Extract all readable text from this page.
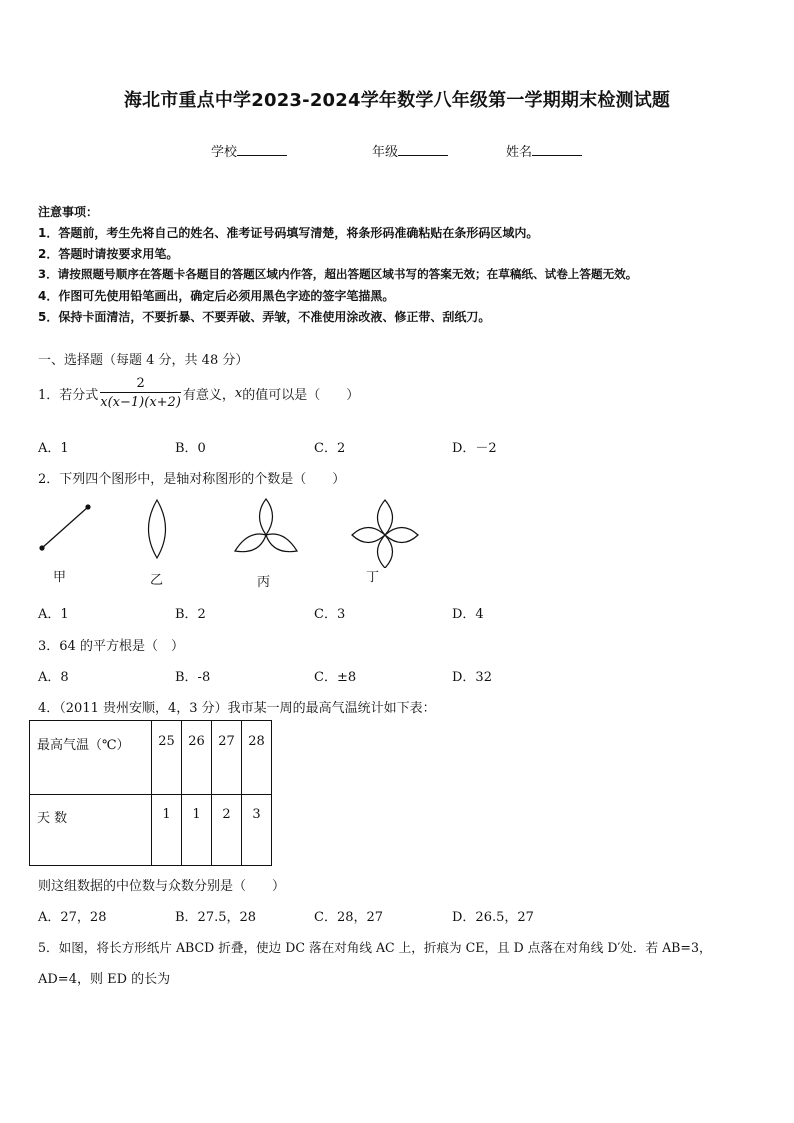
海北市重点中学2023-2024学年数学八年级第一学期期末检测试题
学校	年级	姓名
注意事项：
1．答题前，考生先将自己的姓名、准考证号码填写清楚，将条形码准确粘贴在条形码区域内。
2．答题时请按要求用笔。
3．请按照题号顺序在答题卡各题目的答题区域内作答，超出答题区域书写的答案无效；在草稿纸、试卷上答题无效。
4．作图可先使用铅笔画出，确定后必须用黑色字迹的签字笔描黑。
5．保持卡面清洁，不要折暴、不要弄破、弄皱，不准使用涂改液、修正带、刮纸刀。
一、选择题（每题 4 分，共 48 分）
1．若分式 $\frac{2}{x(x-1)(x+2)}$ 有意义， x 的值可以是（　　）
A．1	B．0	C．2	D．－2
2．下列四个图形中，是轴对称图形的个数是（　　）
甲	乙	丙	丁
A．1	B．2	C．3	D．4
3．64 的平方根是（　）
A．8	B．-8	C．±8	D．32
4．（2011 贵州安顺，4，3 分）我市某一周的最高气温统计如下表：
最高气温（℃）	25	26	27	28
天 数	1	1	2	3
则这组数据的中位数与众数分别是（　　）
A．27，28	B．27.5，28	C．28，27	D．26.5，27
5．如图，将长方形纸片 ABCD 折叠，使边 DC 落在对角线 AC 上，折痕为 CE，且 D 点落在对角线 D′处．若 AB=3，
AD=4，则 ED 的长为
